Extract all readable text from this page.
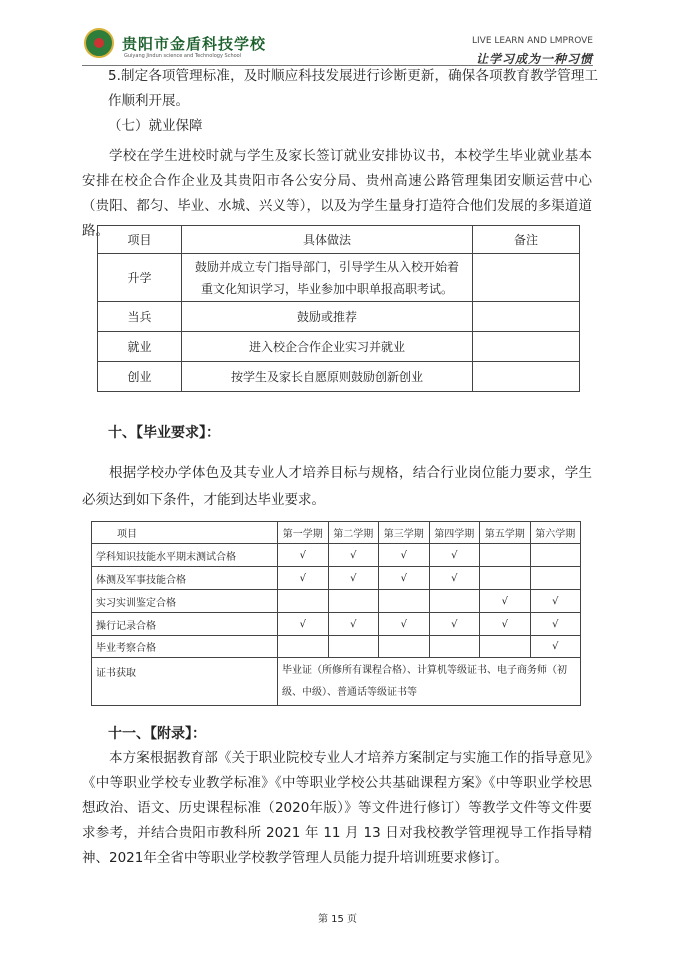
贵阳市金盾科技学校
Guiyang Jindun science and Technology School
LIVE LEARN AND LMPROVE
让学习成为一种习惯
5.制定各项管理标准，及时顺应科技发展进行诊断更新，确保各项教育教学管理工作顺利开展。
（七）就业保障
学校在学生进校时就与学生及家长签订就业安排协议书，本校学生毕业就业基本安排在校企合作企业及其贵阳市各公安分局、贵州高速公路管理集团安顺运营中心（贵阳、都匀、毕业、水城、兴义等），以及为学生量身打造符合他们发展的多渠道道路。
项目	具体做法	备注
升学	鼓励并成立专门指导部门，引导学生从入校开始着重文化知识学习，毕业参加中职单报高职考试。	
当兵	鼓励或推荐	
就业	进入校企合作企业实习并就业	
创业	按学生及家长自愿原则鼓励创新创业	
十、【毕业要求】：
根据学校办学体色及其专业人才培养目标与规格，结合行业岗位能力要求，学生必须达到如下条件，才能到达毕业要求。
项目	第一学期	第二学期	第三学期	第四学期	第五学期	第六学期
学科知识技能水平期末测试合格	√	√	√	√		
体测及军事技能合格	√	√	√	√		
实习实训鉴定合格					√	√
操行记录合格	√	√	√	√	√	√
毕业考察合格						√
证书获取	毕业证（所修所有课程合格）、计算机等级证书、电子商务师（初级、中级）、普通话等级证书等					
十一、【附录】：
本方案根据教育部《关于职业院校专业人才培养方案制定与实施工作的指导意见》《中等职业学校专业教学标准》《中等职业学校公共基础课程方案》《中等职业学校思想政治、语文、历史课程标准（2020年版）》等文件进行修订）等教学文件等文件要求参考，并结合贵阳市教科所 2021 年 11 月 13 日对我校教学管理视导工作指导精神、2021年全省中等职业学校教学管理人员能力提升培训班要求修订。
第 15 页
